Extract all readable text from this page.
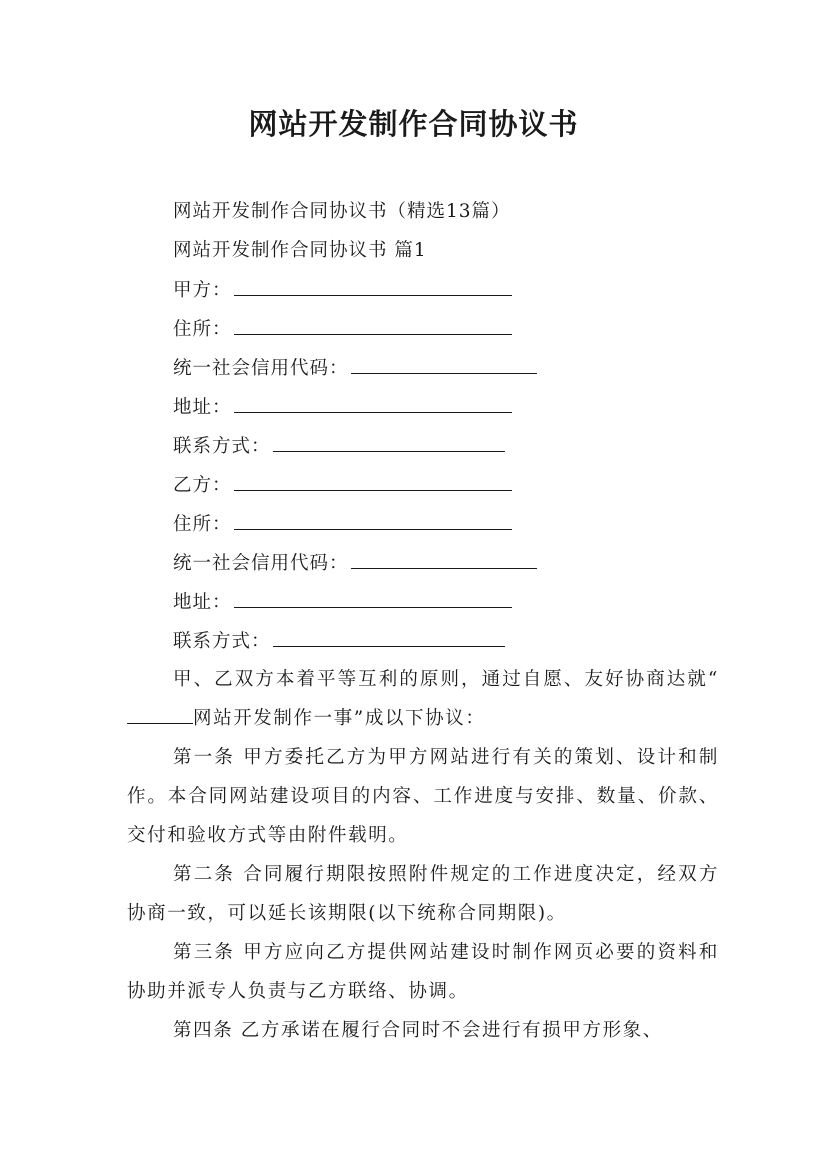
网站开发制作合同协议书
网站开发制作合同协议书（精选13篇）
网站开发制作合同协议书 篇1
甲方：
住所：
统一社会信用代码：
地址：
联系方式：
乙方：
住所：
统一社会信用代码：
地址：
联系方式：
甲、乙双方本着平等互利的原则，通过自愿、友好协商达就“网站开发制作一事”成以下协议：
第一条 甲方委托乙方为甲方网站进行有关的策划、设计和制作。本合同网站建设项目的内容、工作进度与安排、数量、价款、交付和验收方式等由附件载明。
第二条 合同履行期限按照附件规定的工作进度决定，经双方协商一致，可以延长该期限(以下统称合同期限)。
第三条 甲方应向乙方提供网站建设时制作网页必要的资料和协助并派专人负责与乙方联络、协调。
第四条 乙方承诺在履行合同时不会进行有损甲方形象、
